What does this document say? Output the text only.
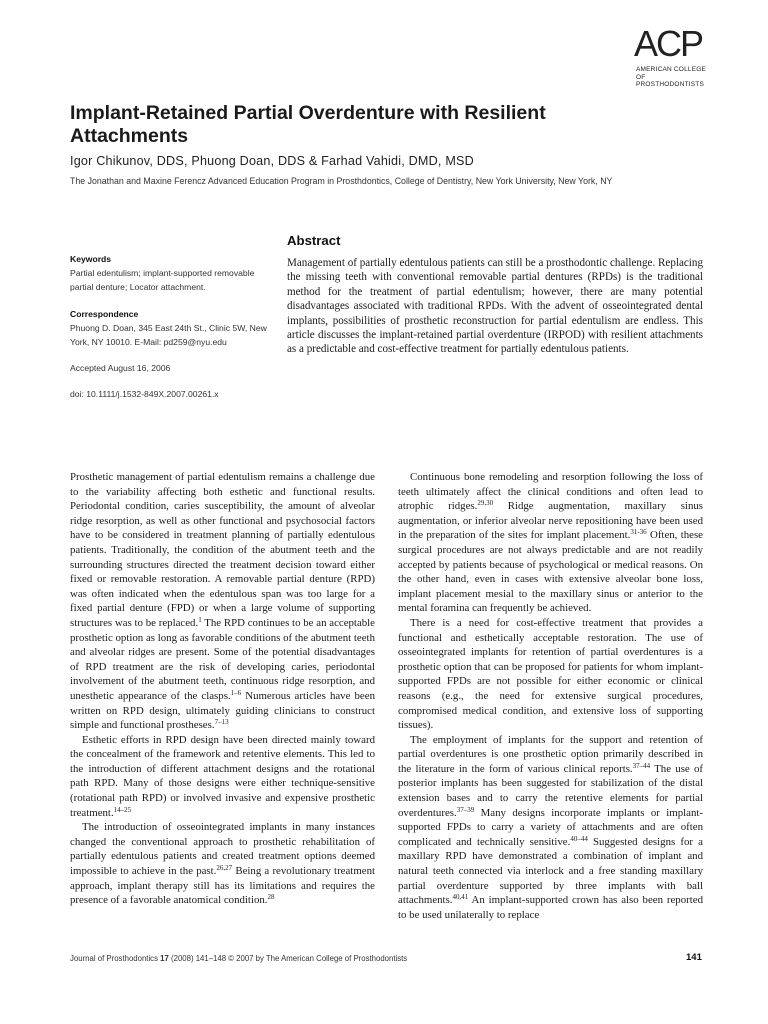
ACP
AMERICAN COLLEGE OF
PROSTHODONTISTS
Implant-Retained Partial Overdenture with Resilient Attachments
Igor Chikunov, DDS, Phuong Doan, DDS & Farhad Vahidi, DMD, MSD
The Jonathan and Maxine Ferencz Advanced Education Program in Prosthdontics, College of Dentistry, New York University, New York, NY
Keywords

Partial edentulism; implant-supported removable partial denture; Locator attachment.

Correspondence

Phuong D. Doan, 345 East 24th St., Clinic 5W, New York, NY 10010. E-Mail: pd259@nyu.edu

Accepted August 16, 2006
doi: 10.1111/j.1532-849X.2007.00261.x
Abstract

Management of partially edentulous patients can still be a prosthodontic challenge. Replacing the missing teeth with conventional removable partial dentures (RPDs) is the traditional method for the treatment of partial edentulism; however, there are many potential disadvantages associated with traditional RPDs. With the advent of osseointegrated dental implants, possibilities of prosthetic reconstruction for partial edentulism are endless. This article discusses the implant-retained partial overdenture (IRPOD) with resilient attachments as a predictable and cost-effective treatment for partially edentulous patients.

Prosthetic management of partial edentulism remains a challenge due to the variability affecting both esthetic and functional results. Periodontal condition, caries susceptibility, the amount of alveolar ridge resorption, as well as other functional and psychosocial factors have to be considered in treatment planning of partially edentulous patients. Traditionally, the condition of the abutment teeth and the surrounding structures directed the treatment decision toward either fixed or removable restoration. A removable partial denture (RPD) was often indicated when the edentulous span was too large for a fixed partial denture (FPD) or when a large volume of supporting structures was to be replaced.$^1$ The RPD continues to be an acceptable prosthetic option as long as favorable conditions of the abutment teeth and alveolar ridges are present. Some of the potential disadvantages of RPD treatment are the risk of developing caries, periodontal involvement of the abutment teeth, continuous ridge resorption, and unesthetic appearance of the clasps.$^{1-6}$ Numerous articles have been written on RPD design, ultimately guiding clinicians to construct simple and functional prostheses.$^{7-13}$

Esthetic efforts in RPD design have been directed mainly toward the concealment of the framework and retentive elements. This led to the introduction of different attachment designs and the rotational path RPD. Many of those designs were either technique-sensitive (rotational path RPD) or involved invasive and expensive prosthetic treatment.$^{14-25}$

The introduction of osseointegrated implants in many instances changed the conventional approach to prosthetic rehabilitation of partially edentulous patients and created treatment options deemed impossible to achieve in the past.$^{26,27}$ Being a revolutionary treatment approach, implant therapy still has its limitations and requires the presence of a favorable anatomical condition.$^{28}$

Continuous bone remodeling and resorption following the loss of teeth ultimately affect the clinical conditions and often lead to atrophic ridges.$^{29,30}$ Ridge augmentation, maxillary sinus augmentation, or inferior alveolar nerve repositioning have been used in the preparation of the sites for implant placement.$^{31-36}$ Often, these surgical procedures are not always predictable and are not readily accepted by patients because of psychological or medical reasons. On the other hand, even in cases with extensive alveolar bone loss, implant placement mesial to the maxillary sinus or anterior to the mental foramina can frequently be achieved.

There is a need for cost-effective treatment that provides a functional and esthetically acceptable restoration. The use of osseointegrated implants for retention of partial overdentures is a prosthetic option that can be proposed for patients for whom implant-supported FPDs are not possible for either economic or clinical reasons (e.g., the need for extensive surgical procedures, compromised medical condition, and extensive loss of supporting tissues).

The employment of implants for the support and retention of partial overdentures is one prosthetic option primarily described in the literature in the form of various clinical reports.$^{37-44}$ The use of posterior implants has been suggested for stabilization of the distal extension bases and to carry the retentive elements for partial overdentures.$^{37-39}$ Many designs incorporate implants or implant-supported FPDs to carry a variety of attachments and are often complicated and technically sensitive.$^{40-44}$ Suggested designs for a maxillary RPD have demonstrated a combination of implant and natural teeth connected via interlock and a free standing maxillary partial overdenture supported by three implants with ball attachments.$^{40,41}$ An implant-supported crown has also been reported to be used unilaterally to replace

Journal of Prosthodontics 17 (2008) 141–148 © 2007 by The American College of Prosthodontists	141
